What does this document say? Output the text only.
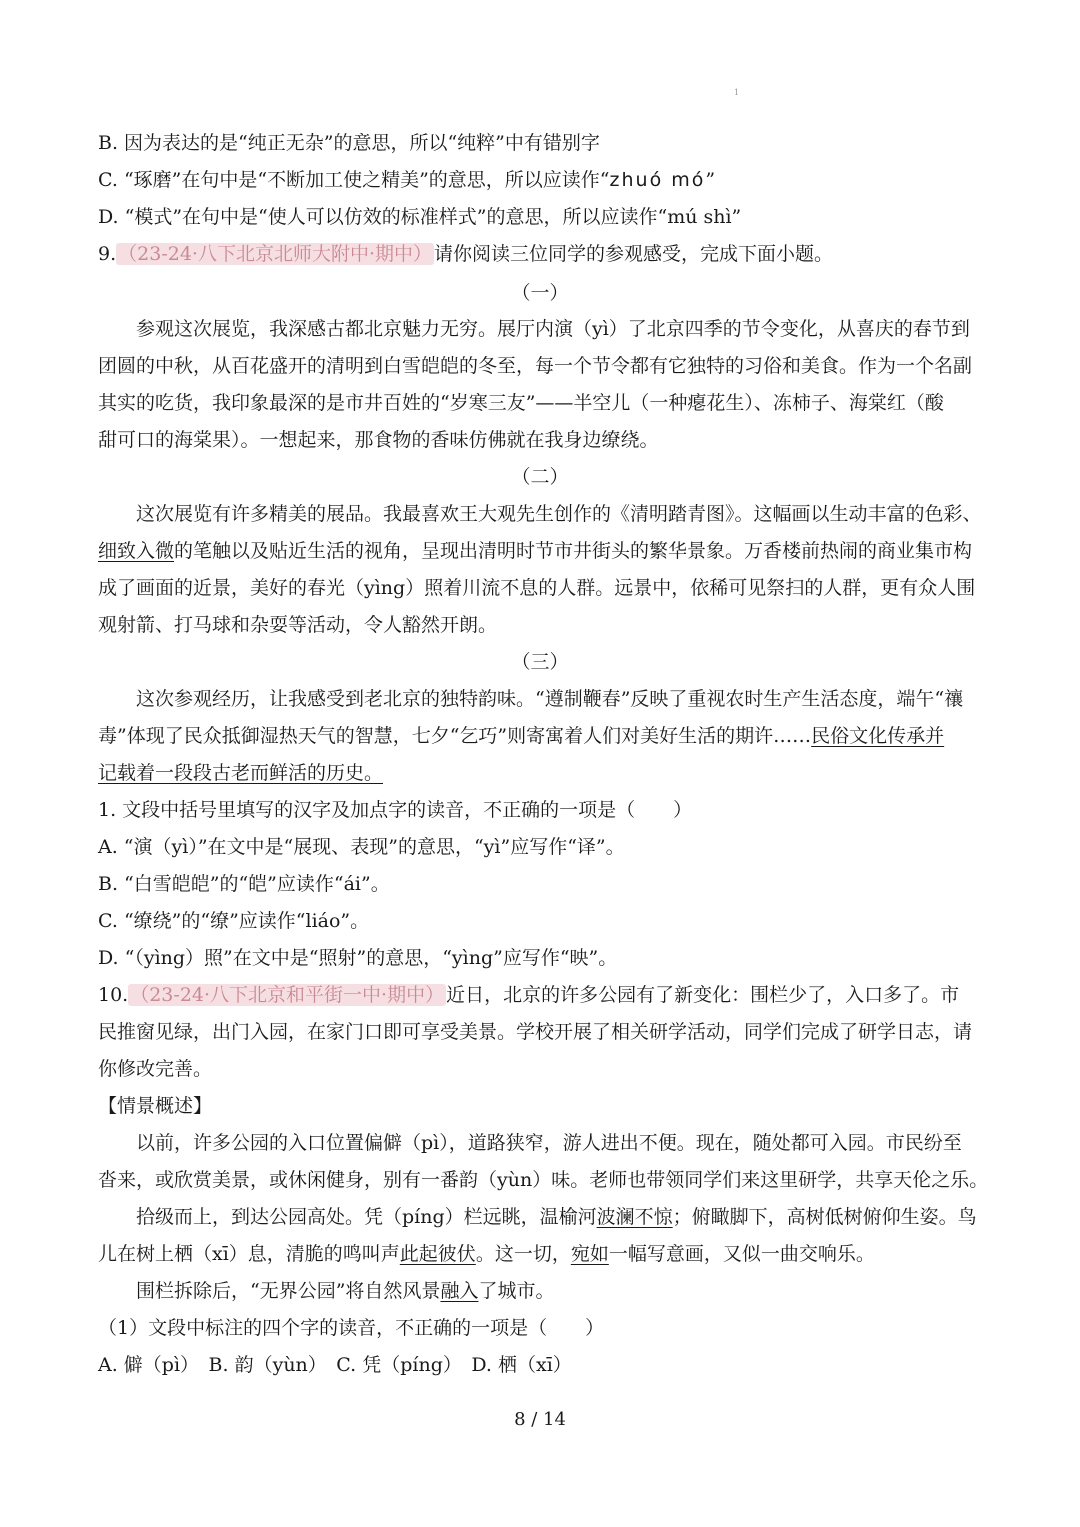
1
B. 因为表达的是“纯正无杂”的意思，所以“纯粹”中有错别字
C. “琢磨”在句中是“不断加工使之精美”的意思，所以应读作“zhuó mó”
D. “模式”在句中是“使人可以仿效的标准样式”的意思，所以应读作“mú shì”
9. （23-24·八下北京北师大附中·期中） 请你阅读三位同学的参观感受，完成下面小题。
（一）
参观这次展览，我深感古都北京魅力无穷。展厅内演（yì）了北京四季的节令变化，从喜庆的春节到
团圆的中秋，从百花盛开的清明到白雪皑皑的冬至，每一个节令都有它独特的习俗和美食。作为一个名副
其实的吃货，我印象最深的是市井百姓的“岁寒三友”——半空儿（一种瘪花生）、冻柿子、海棠红（酸
甜可口的海棠果）。一想起来，那食物的香味仿佛就在我身边缭绕。
（二）
这次展览有许多精美的展品。我最喜欢王大观先生创作的《清明踏青图》。这幅画以生动丰富的色彩、
细致入微的笔触以及贴近生活的视角，呈现出清明时节市井街头的繁华景象。万香楼前热闹的商业集市构
成了画面的近景，美好的春光（yìng）照着川流不息的人群。远景中，依稀可见祭扫的人群，更有众人围
观射箭、打马球和杂耍等活动，令人豁然开朗。
（三）
这次参观经历，让我感受到老北京的独特韵味。“遵制鞭春”反映了重视农时生产生活态度，端午“禳
毒”体现了民众抵御湿热天气的智慧，七夕“乞巧”则寄寓着人们对美好生活的期许……民俗文化传承并
记载着一段段古老而鲜活的历史。
1. 文段中括号里填写的汉字及加点字的读音，不正确的一项是（　　）
A. “演（yì）”在文中是“展现、表现”的意思，“yì”应写作“译”。
B. “白雪皑皑”的“皑”应读作“ái”。
C. “缭绕”的“缭”应读作“liáo”。
D. “（yìng）照”在文中是“照射”的意思，“yìng”应写作“映”。
10. （23-24·八下北京和平街一中·期中） 近日，北京的许多公园有了新变化：围栏少了，入口多了。市
民推窗见绿，出门入园，在家门口即可享受美景。学校开展了相关研学活动，同学们完成了研学日志，请
你修改完善。
【情景概述】
以前，许多公园的入口位置偏僻（pì），道路狭窄，游人进出不便。现在，随处都可入园。市民纷至
沓来，或欣赏美景，或休闲健身，别有一番韵（yùn）味。老师也带领同学们来这里研学，共享天伦之乐。
拾级而上，到达公园高处。凭（píng）栏远眺，温榆河波澜不惊；俯瞰脚下，高树低树俯仰生姿。鸟
儿在树上栖（xī）息，清脆的鸣叫声此起彼伏。这一切，宛如一幅写意画，又似一曲交响乐。
围栏拆除后，“无界公园”将自然风景融入了城市。
（1）文段中标注的四个字的读音，不正确的一项是（　　）
A. 僻（pì）　B. 韵（yùn）　C. 凭（píng）　D. 栖（xī）
8 / 14
